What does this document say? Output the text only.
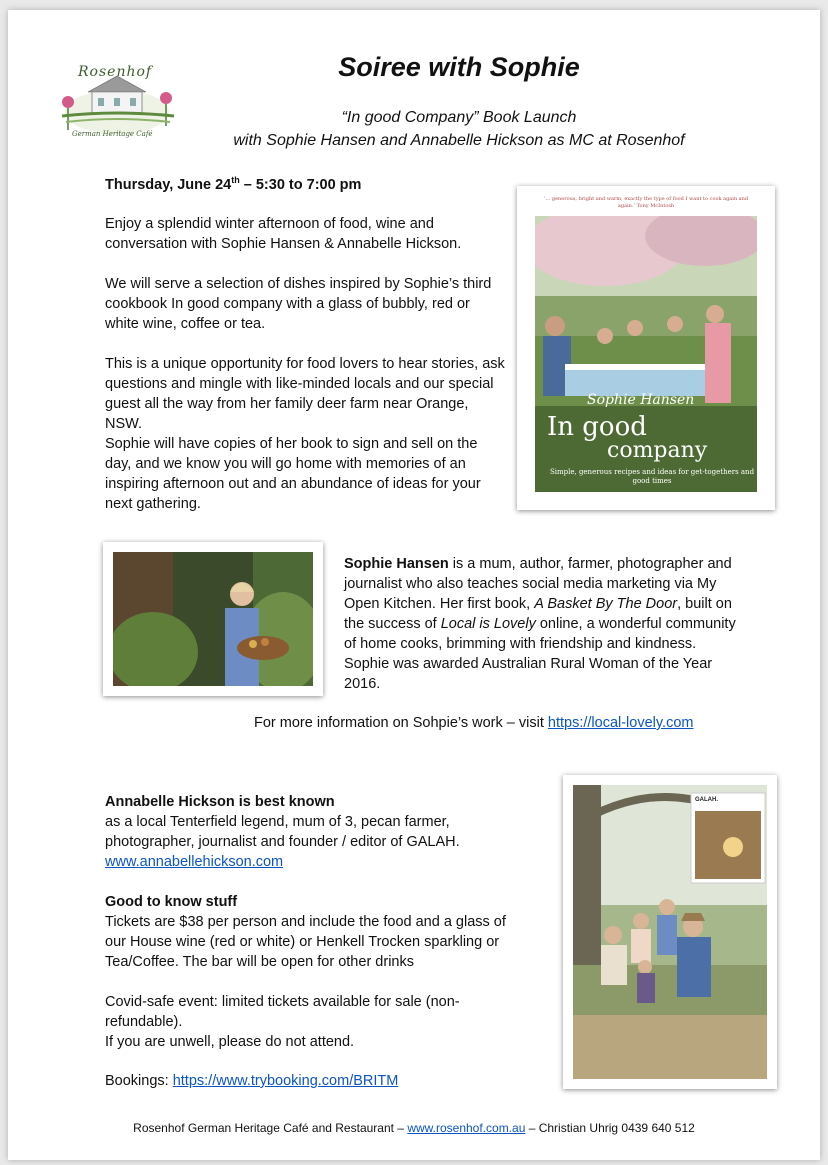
Rosenhof
German Heritage Café
Soiree with Sophie
“In good Company” Book Launch
with Sophie Hansen and Annabelle Hickson as MC at Rosenhof
Thursday, June 24th – 5:30 to 7:00 pm
Enjoy a splendid winter afternoon of food, wine and conversation with Sophie Hansen & Annabelle Hickson.
We will serve a selection of dishes inspired by Sophie’s third cookbook In good company with a glass of bubbly, red or white wine, coffee or tea.
This is a unique opportunity for food lovers to hear stories, ask questions and mingle with like-minded locals and our special guest all the way from her family deer farm near Orange, NSW.
Sophie will have copies of her book to sign and sell on the day, and we know you will go home with memories of an inspiring afternoon out and an abundance of ideas for your next gathering.
‘... generous, bright and warm, exactly the type of food I want to cook again and again.’ Tony McIntosh
Sophie Hansen
In good
company
Simple, generous recipes and ideas for get-togethers and good times
Sophie Hansen is a mum, author, farmer, photographer and journalist who also teaches social media marketing via My Open Kitchen. Her first book, A Basket By The Door, built on the success of Local is Lovely online, a wonderful community of home cooks, brimming with friendship and kindness. Sophie was awarded Australian Rural Woman of the Year 2016.
For more information on Sohpie’s work – visit https://local-lovely.com
Annabelle Hickson is best known
as a local Tenterfield legend, mum of 3, pecan farmer, photographer, journalist and founder / editor of GALAH.
www.annabellehickson.com
Good to know stuff
Tickets are $38 per person and include the food and a glass of our House wine (red or white) or Henkell Trocken sparkling or Tea/Coffee. The bar will be open for other drinks
Covid-safe event: limited tickets available for sale (non-refundable).
If you are unwell, please do not attend.
Bookings: https://www.trybooking.com/BRITM
GALAH.
Rosenhof German Heritage Café and Restaurant – www.rosenhof.com.au – Christian Uhrig 0439 640 512
